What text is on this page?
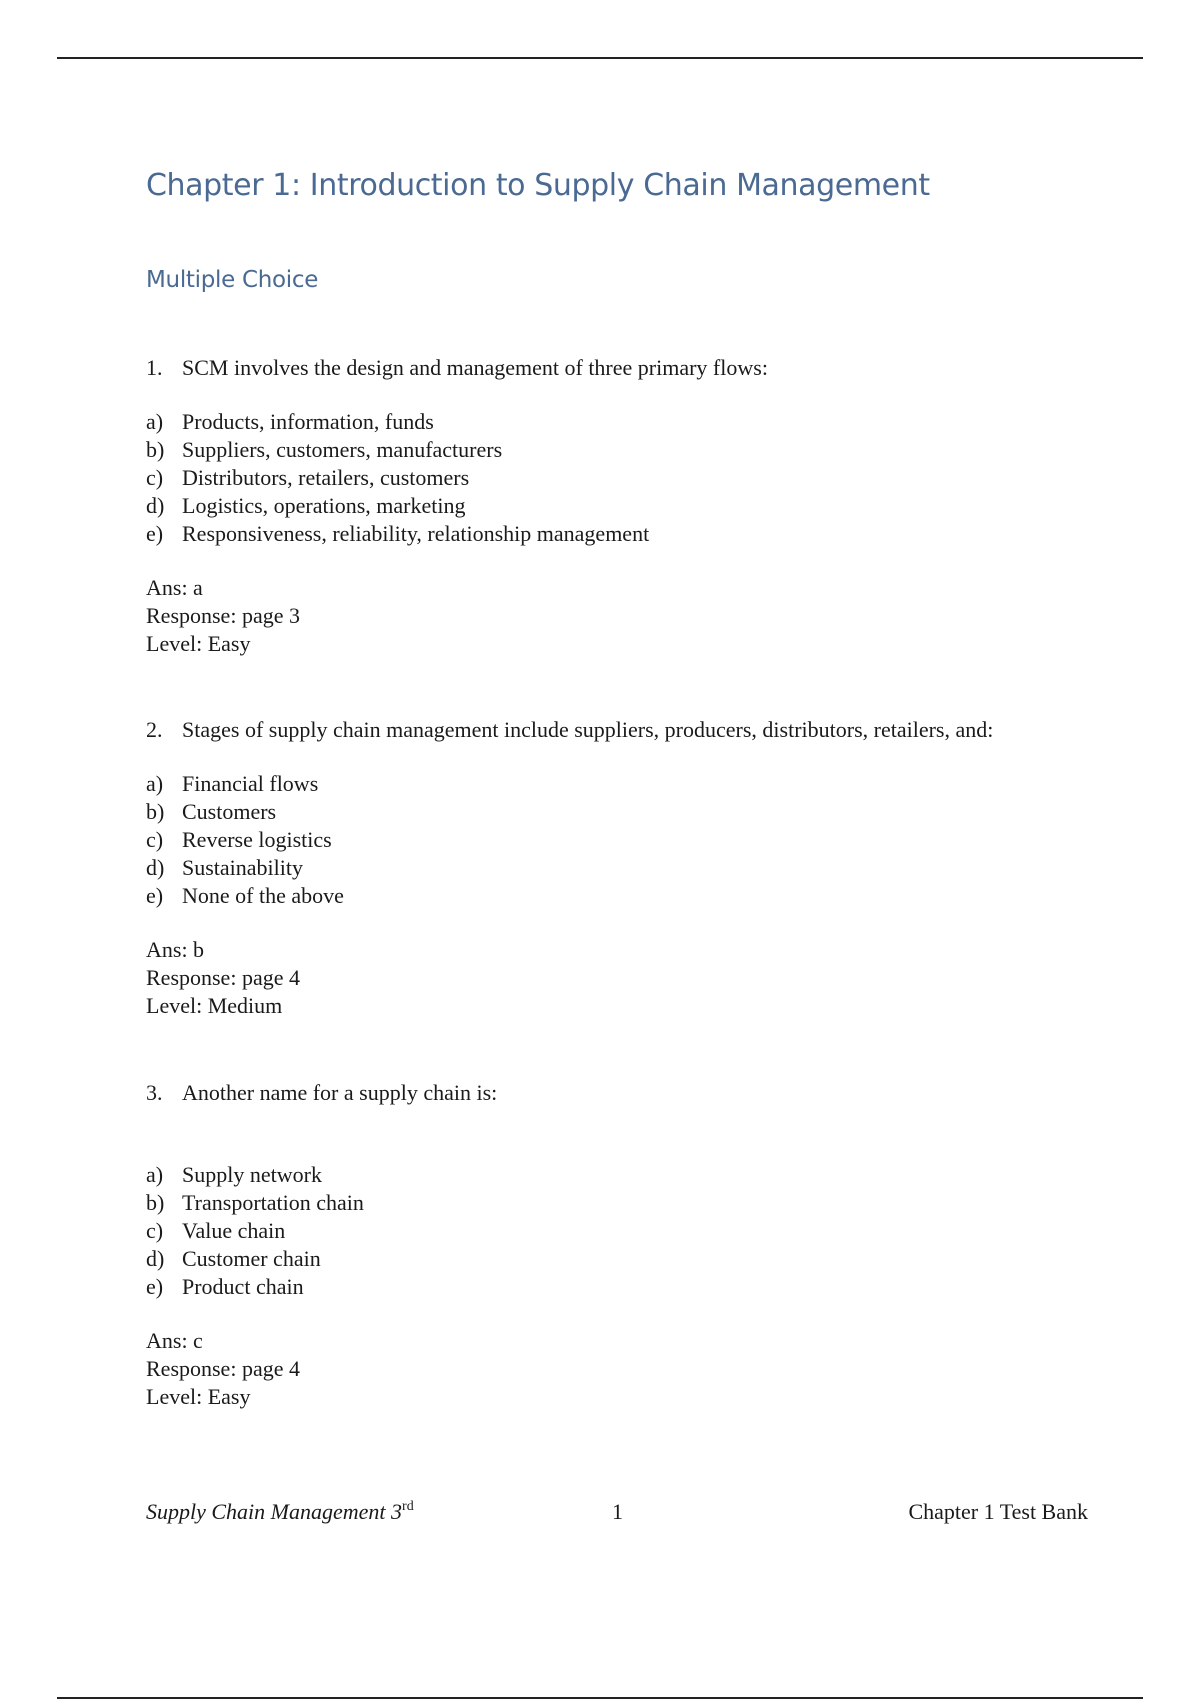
Chapter 1: Introduction to Supply Chain Management
Multiple Choice
1. SCM involves the design and management of three primary flows:
a) Products, information, funds
b) Suppliers, customers, manufacturers
c) Distributors, retailers, customers
d) Logistics, operations, marketing
e) Responsiveness, reliability, relationship management
Ans: a
Response: page 3
Level: Easy
2. Stages of supply chain management include suppliers, producers, distributors, retailers, and:
a) Financial flows
b) Customers
c) Reverse logistics
d) Sustainability
e) None of the above
Ans: b
Response: page 4
Level: Medium
3. Another name for a supply chain is:
a) Supply network
b) Transportation chain
c) Value chain
d) Customer chain
e) Product chain
Ans: c
Response: page 4
Level: Easy
Supply Chain Management 3rd	1	Chapter 1 Test Bank
